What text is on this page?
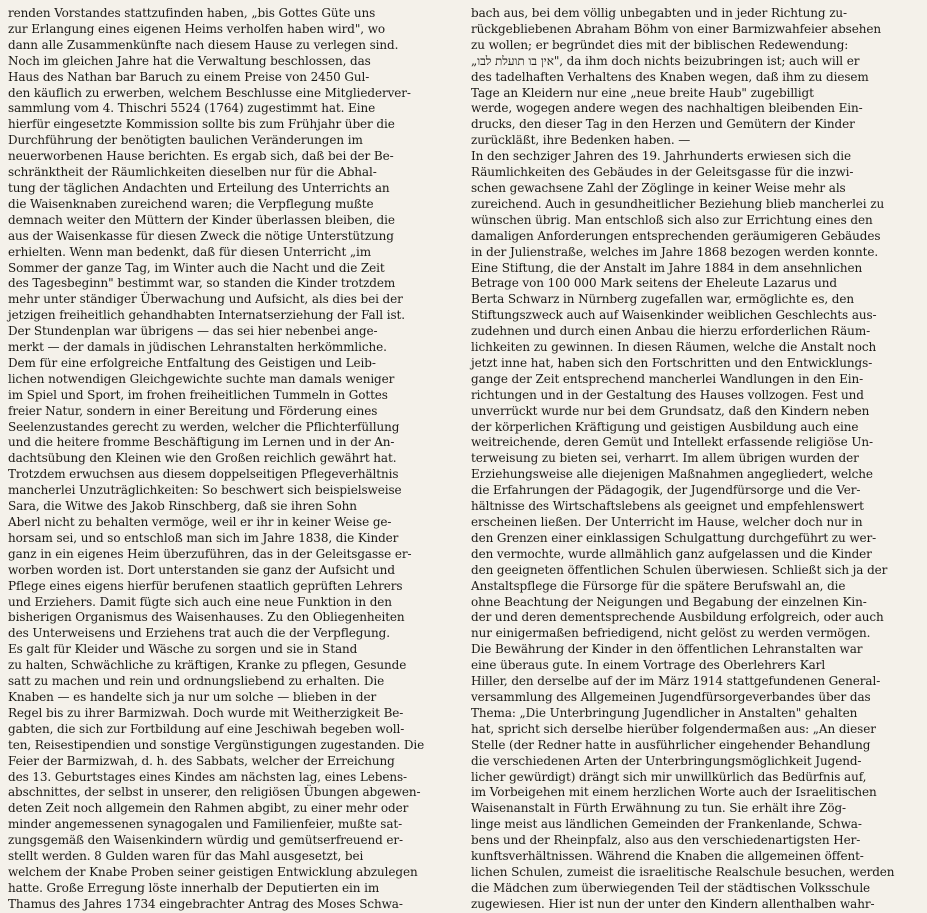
renden Vorstandes stattzufinden haben, „bis Gottes Güte uns
zur Erlangung eines eigenen Heims verholfen haben wird", wo
dann alle Zusammenkünfte nach diesem Hause zu verlegen sind.
Noch im gleichen Jahre hat die Verwaltung beschlossen, das
Haus des Nathan bar Baruch zu einem Preise von 2450 Gul-
den käuflich zu erwerben, welchem Beschlusse eine Mitgliederver-
sammlung vom 4. Thischri 5524 (1764) zugestimmt hat. Eine
hierfür eingesetzte Kommission sollte bis zum Frühjahr über die
Durchführung der benötigten baulichen Veränderungen im
neuerworbenen Hause berichten. Es ergab sich, daß bei der Be-
schränktheit der Räumlichkeiten dieselben nur für die Abhal-
tung der täglichen Andachten und Erteilung des Unterrichts an
die Waisenknaben zureichend waren; die Verpflegung mußte
demnach weiter den Müttern der Kinder überlassen bleiben, die
aus der Waisenkasse für diesen Zweck die nötige Unterstützung
erhielten. Wenn man bedenkt, daß für diesen Unterricht „im
Sommer der ganze Tag, im Winter auch die Nacht und die Zeit
des Tagesbeginn" bestimmt war, so standen die Kinder trotzdem
mehr unter ständiger Überwachung und Aufsicht, als dies bei der
jetzigen freiheitlich gehandhabten Internatserziehung der Fall ist.
Der Stundenplan war übrigens — das sei hier nebenbei ange-
merkt — der damals in jüdischen Lehranstalten herkömmliche.
Dem für eine erfolgreiche Entfaltung des Geistigen und Leib-
lichen notwendigen Gleichgewichte suchte man damals weniger
im Spiel und Sport, im frohen freiheitlichen Tummeln in Gottes
freier Natur, sondern in einer Bereitung und Förderung eines
Seelenzustandes gerecht zu werden, welcher die Pflichterfüllung
und die heitere fromme Beschäftigung im Lernen und in der An-
dachtsübung den Kleinen wie den Großen reichlich gewährt hat.
Trotzdem erwuchsen aus diesem doppelseitigen Pflegeverhältnis
mancherlei Unzuträglichkeiten: So beschwert sich beispielsweise
Sara, die Witwe des Jakob Rinschberg, daß sie ihren Sohn
Aberl nicht zu behalten vermöge, weil er ihr in keiner Weise ge-
horsam sei, und so entschloß man sich im Jahre 1838, die Kinder
ganz in ein eigenes Heim überzuführen, das in der Geleitsgasse er-
worben worden ist. Dort unterstanden sie ganz der Aufsicht und
Pflege eines eigens hierfür berufenen staatlich geprüften Lehrers
und Erziehers. Damit fügte sich auch eine neue Funktion in den
bisherigen Organismus des Waisenhauses. Zu den Obliegenheiten
des Unterweisens und Erziehens trat auch die der Verpflegung.
Es galt für Kleider und Wäsche zu sorgen und sie in Stand
zu halten, Schwächliche zu kräftigen, Kranke zu pflegen, Gesunde
satt zu machen und rein und ordnungsliebend zu erhalten. Die
Knaben — es handelte sich ja nur um solche — blieben in der
Regel bis zu ihrer Barmizwah. Doch wurde mit Weitherzigkeit Be-
gabten, die sich zur Fortbildung auf eine Jeschiwah begeben woll-
ten, Reisestipendien und sonstige Vergünstigungen zugestanden. Die
Feier der Barmizwah, d. h. des Sabbats, welcher der Erreichung
des 13. Geburtstages eines Kindes am nächsten lag, eines Lebens-
abschnittes, der selbst in unserer, den religiösen Übungen abgewen-
deten Zeit noch allgemein den Rahmen abgibt, zu einer mehr oder
minder angemessenen synagogalen und Familienfeier, mußte sat-
zungsgemäß den Waisenkindern würdig und gemütserfreuend er-
stellt werden. 8 Gulden waren für das Mahl ausgesetzt, bei
welchem der Knabe Proben seiner geistigen Entwicklung abzulegen
hatte. Große Erregung löste innerhalb der Deputierten ein im
Thamus des Jahres 1734 eingebrachter Antrag des Moses Schwa-
bach aus, bei dem völlig unbegabten und in jeder Richtung zu-
rückgebliebenen Abraham Böhm von einer Barmizwahfeier absehen
zu wollen; er begründet dies mit der biblischen Redewendung:
„אין בו תועלת לבו", da ihm doch nichts beizubringen ist; auch will er
des tadelhaften Verhaltens des Knaben wegen, daß ihm zu diesem
Tage an Kleidern nur eine „neue breite Haub" zugebilligt
werde, wogegen andere wegen des nachhaltigen bleibenden Ein-
drucks, den dieser Tag in den Herzen und Gemütern der Kinder
zurückläßt, ihre Bedenken haben. —
In den sechziger Jahren des 19. Jahrhunderts erwiesen sich die
Räumlichkeiten des Gebäudes in der Geleitsgasse für die inzwi-
schen gewachsene Zahl der Zöglinge in keiner Weise mehr als
zureichend. Auch in gesundheitlicher Beziehung blieb mancherlei zu
wünschen übrig. Man entschloß sich also zur Errichtung eines den
damaligen Anforderungen entsprechenden geräumigeren Gebäudes
in der Julienstraße, welches im Jahre 1868 bezogen werden konnte.
Eine Stiftung, die der Anstalt im Jahre 1884 in dem ansehnlichen
Betrage von 100 000 Mark seitens der Eheleute Lazarus und
Berta Schwarz in Nürnberg zugefallen war, ermöglichte es, den
Stiftungszweck auch auf Waisenkinder weiblichen Geschlechts aus-
zudehnen und durch einen Anbau die hierzu erforderlichen Räum-
lichkeiten zu gewinnen. In diesen Räumen, welche die Anstalt noch
jetzt inne hat, haben sich den Fortschritten und den Entwicklungs-
gange der Zeit entsprechend mancherlei Wandlungen in den Ein-
richtungen und in der Gestaltung des Hauses vollzogen. Fest und
unverrückt wurde nur bei dem Grundsatz, daß den Kindern neben
der körperlichen Kräftigung und geistigen Ausbildung auch eine
weitreichende, deren Gemüt und Intellekt erfassende religiöse Un-
terweisung zu bieten sei, verharrt. Im allem übrigen wurden der
Erziehungsweise alle diejenigen Maßnahmen angegliedert, welche
die Erfahrungen der Pädagogik, der Jugendfürsorge und die Ver-
hältnisse des Wirtschaftslebens als geeignet und empfehlenswert
erscheinen ließen. Der Unterricht im Hause, welcher doch nur in
den Grenzen einer einklassigen Schulgattung durchgeführt zu wer-
den vermochte, wurde allmählich ganz aufgelassen und die Kinder
den geeigneten öffentlichen Schulen überwiesen. Schließt sich ja der
Anstaltspflege die Fürsorge für die spätere Berufswahl an, die
ohne Beachtung der Neigungen und Begabung der einzelnen Kin-
der und deren dementsprechende Ausbildung erfolgreich, oder auch
nur einigermaßen befriedigend, nicht gelöst zu werden vermögen.
Die Bewährung der Kinder in den öffentlichen Lehranstalten war
eine überaus gute. In einem Vortrage des Oberlehrers Karl
Hiller, den derselbe auf der im März 1914 stattgefundenen General-
versammlung des Allgemeinen Jugendfürsorgeverbandes über das
Thema: „Die Unterbringung Jugendlicher in Anstalten" gehalten
hat, spricht sich derselbe hierüber folgendermaßen aus: „An dieser
Stelle (der Redner hatte in ausführlicher eingehender Behandlung
die verschiedenen Arten der Unterbringungsmöglichkeit Jugend-
licher gewürdigt) drängt sich mir unwillkürlich das Bedürfnis auf,
im Vorbeigehen mit einem herzlichen Worte auch der Israelitischen
Waisenanstalt in Fürth Erwähnung zu tun. Sie erhält ihre Zög-
linge meist aus ländlichen Gemeinden der Frankenlande, Schwa-
bens und der Rheinpfalz, also aus den verschiedenartigsten Her-
kunftsverhältnissen. Während die Knaben die allgemeinen öffent-
lichen Schulen, zumeist die israelitische Realschule besuchen, werden
die Mädchen zum überwiegenden Teil der städtischen Volksschule
zugewiesen. Hier ist nun der unter den Kindern allenthalben wahr-
